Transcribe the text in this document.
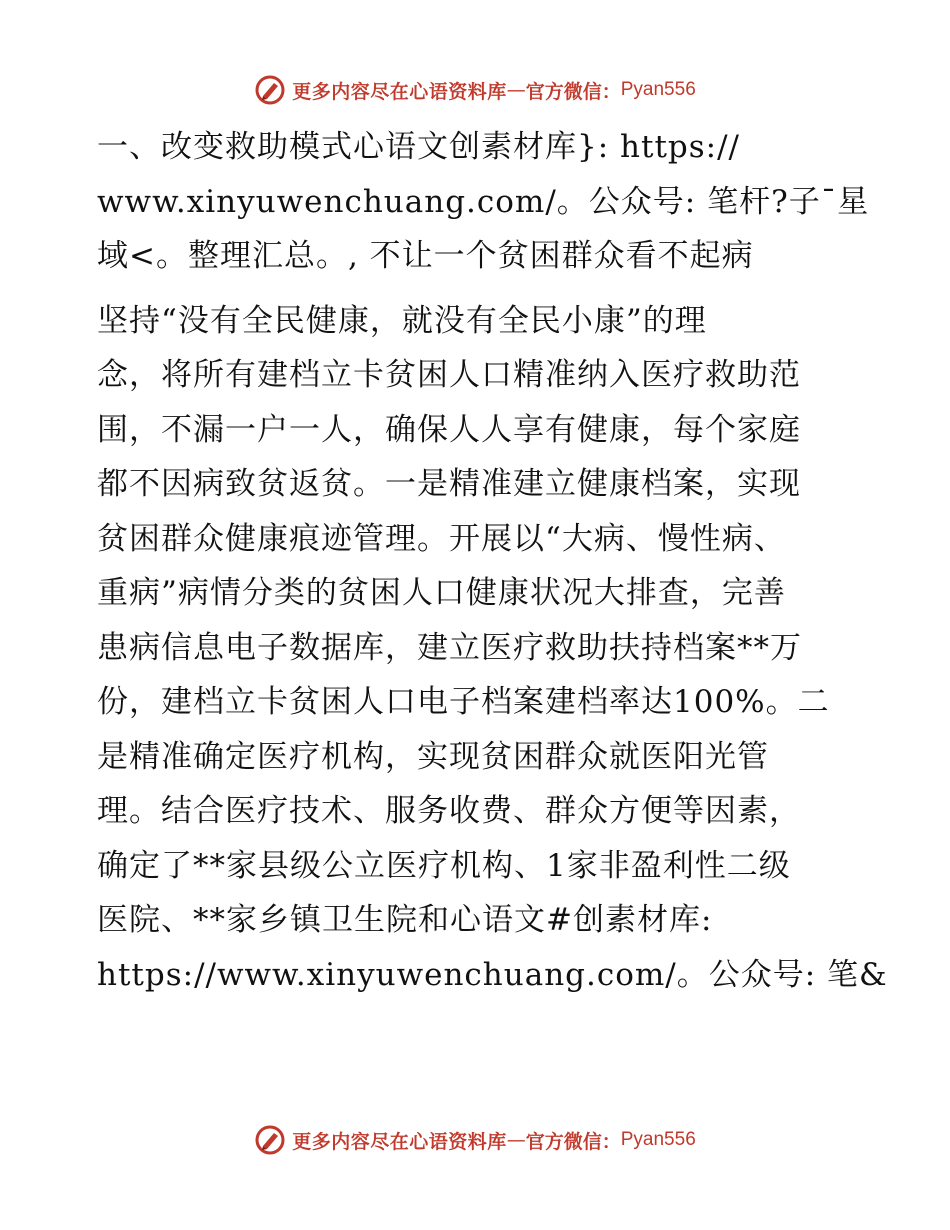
更多内容尽在心语资料库 — 官方微信： Pyan556
一、改变救助模式心语文创素材库}: https://
www.xinyuwenchuang.com/。公众号: 笔杆?子¯星
域<。整理汇总。, 不让一个贫困群众看不起病
坚持“没有全民健康，就没有全民小康”的理
念，将所有建档立卡贫困人口精准纳入医疗救助范
围，不漏一户一人，确保人人享有健康，每个家庭
都不因病致贫返贫。一是精准建立健康档案，实现
贫困群众健康痕迹管理。开展以“大病、慢性病、
重病”病情分类的贫困人口健康状况大排查，完善
患病信息电子数据库，建立医疗救助扶持档案**万
份，建档立卡贫困人口电子档案建档率达100%。二
是精准确定医疗机构，实现贫困群众就医阳光管
理。结合医疗技术、服务收费、群众方便等因素，
确定了**家县级公立医疗机构、1家非盈利性二级
医院、**家乡镇卫生院和心语文#创素材库:
https://www.xinyuwenchuang.com/。公众号: 笔&
更多内容尽在心语资料库 — 官方微信： Pyan556
